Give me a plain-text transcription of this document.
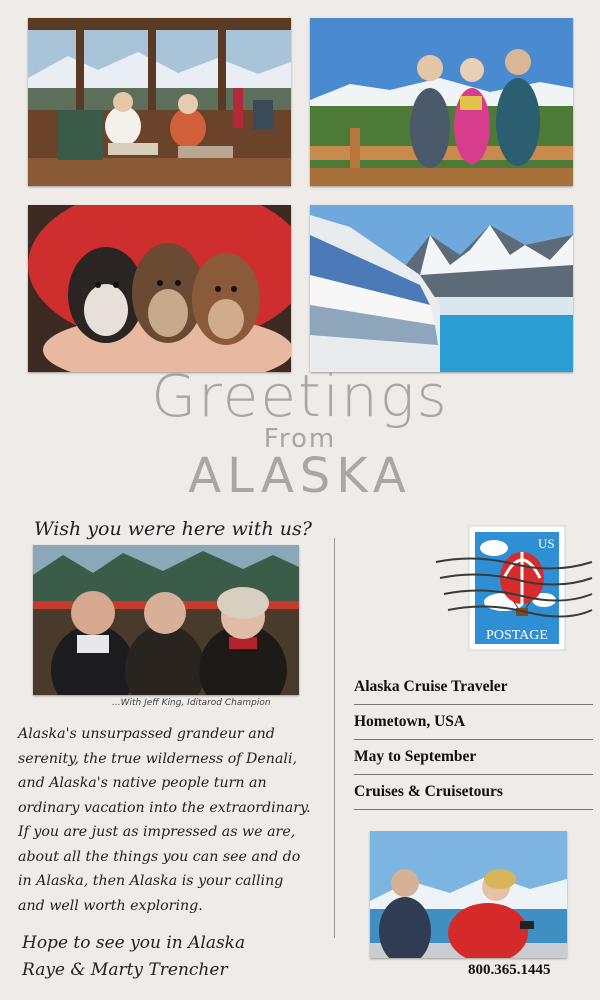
Greetings
From
ALASKA
Wish you were here with us?
...With Jeff King, Iditarod Champion

Alaska's unsurpassed grandeur and

serenity, the true wilderness of Denali,

and Alaska's native people turn an

ordinary vacation into the extraordinary.

If you are just as impressed as we are,

about all the things you can see and do

in Alaska, then Alaska is your calling

and well worth exploring.

Hope to see you in Alaska
Raye & Marty Trencher
US
POSTAGE
Alaska Cruise Traveler
Hometown, USA
May to September
Cruises & Cruisetours
800.365.1445
